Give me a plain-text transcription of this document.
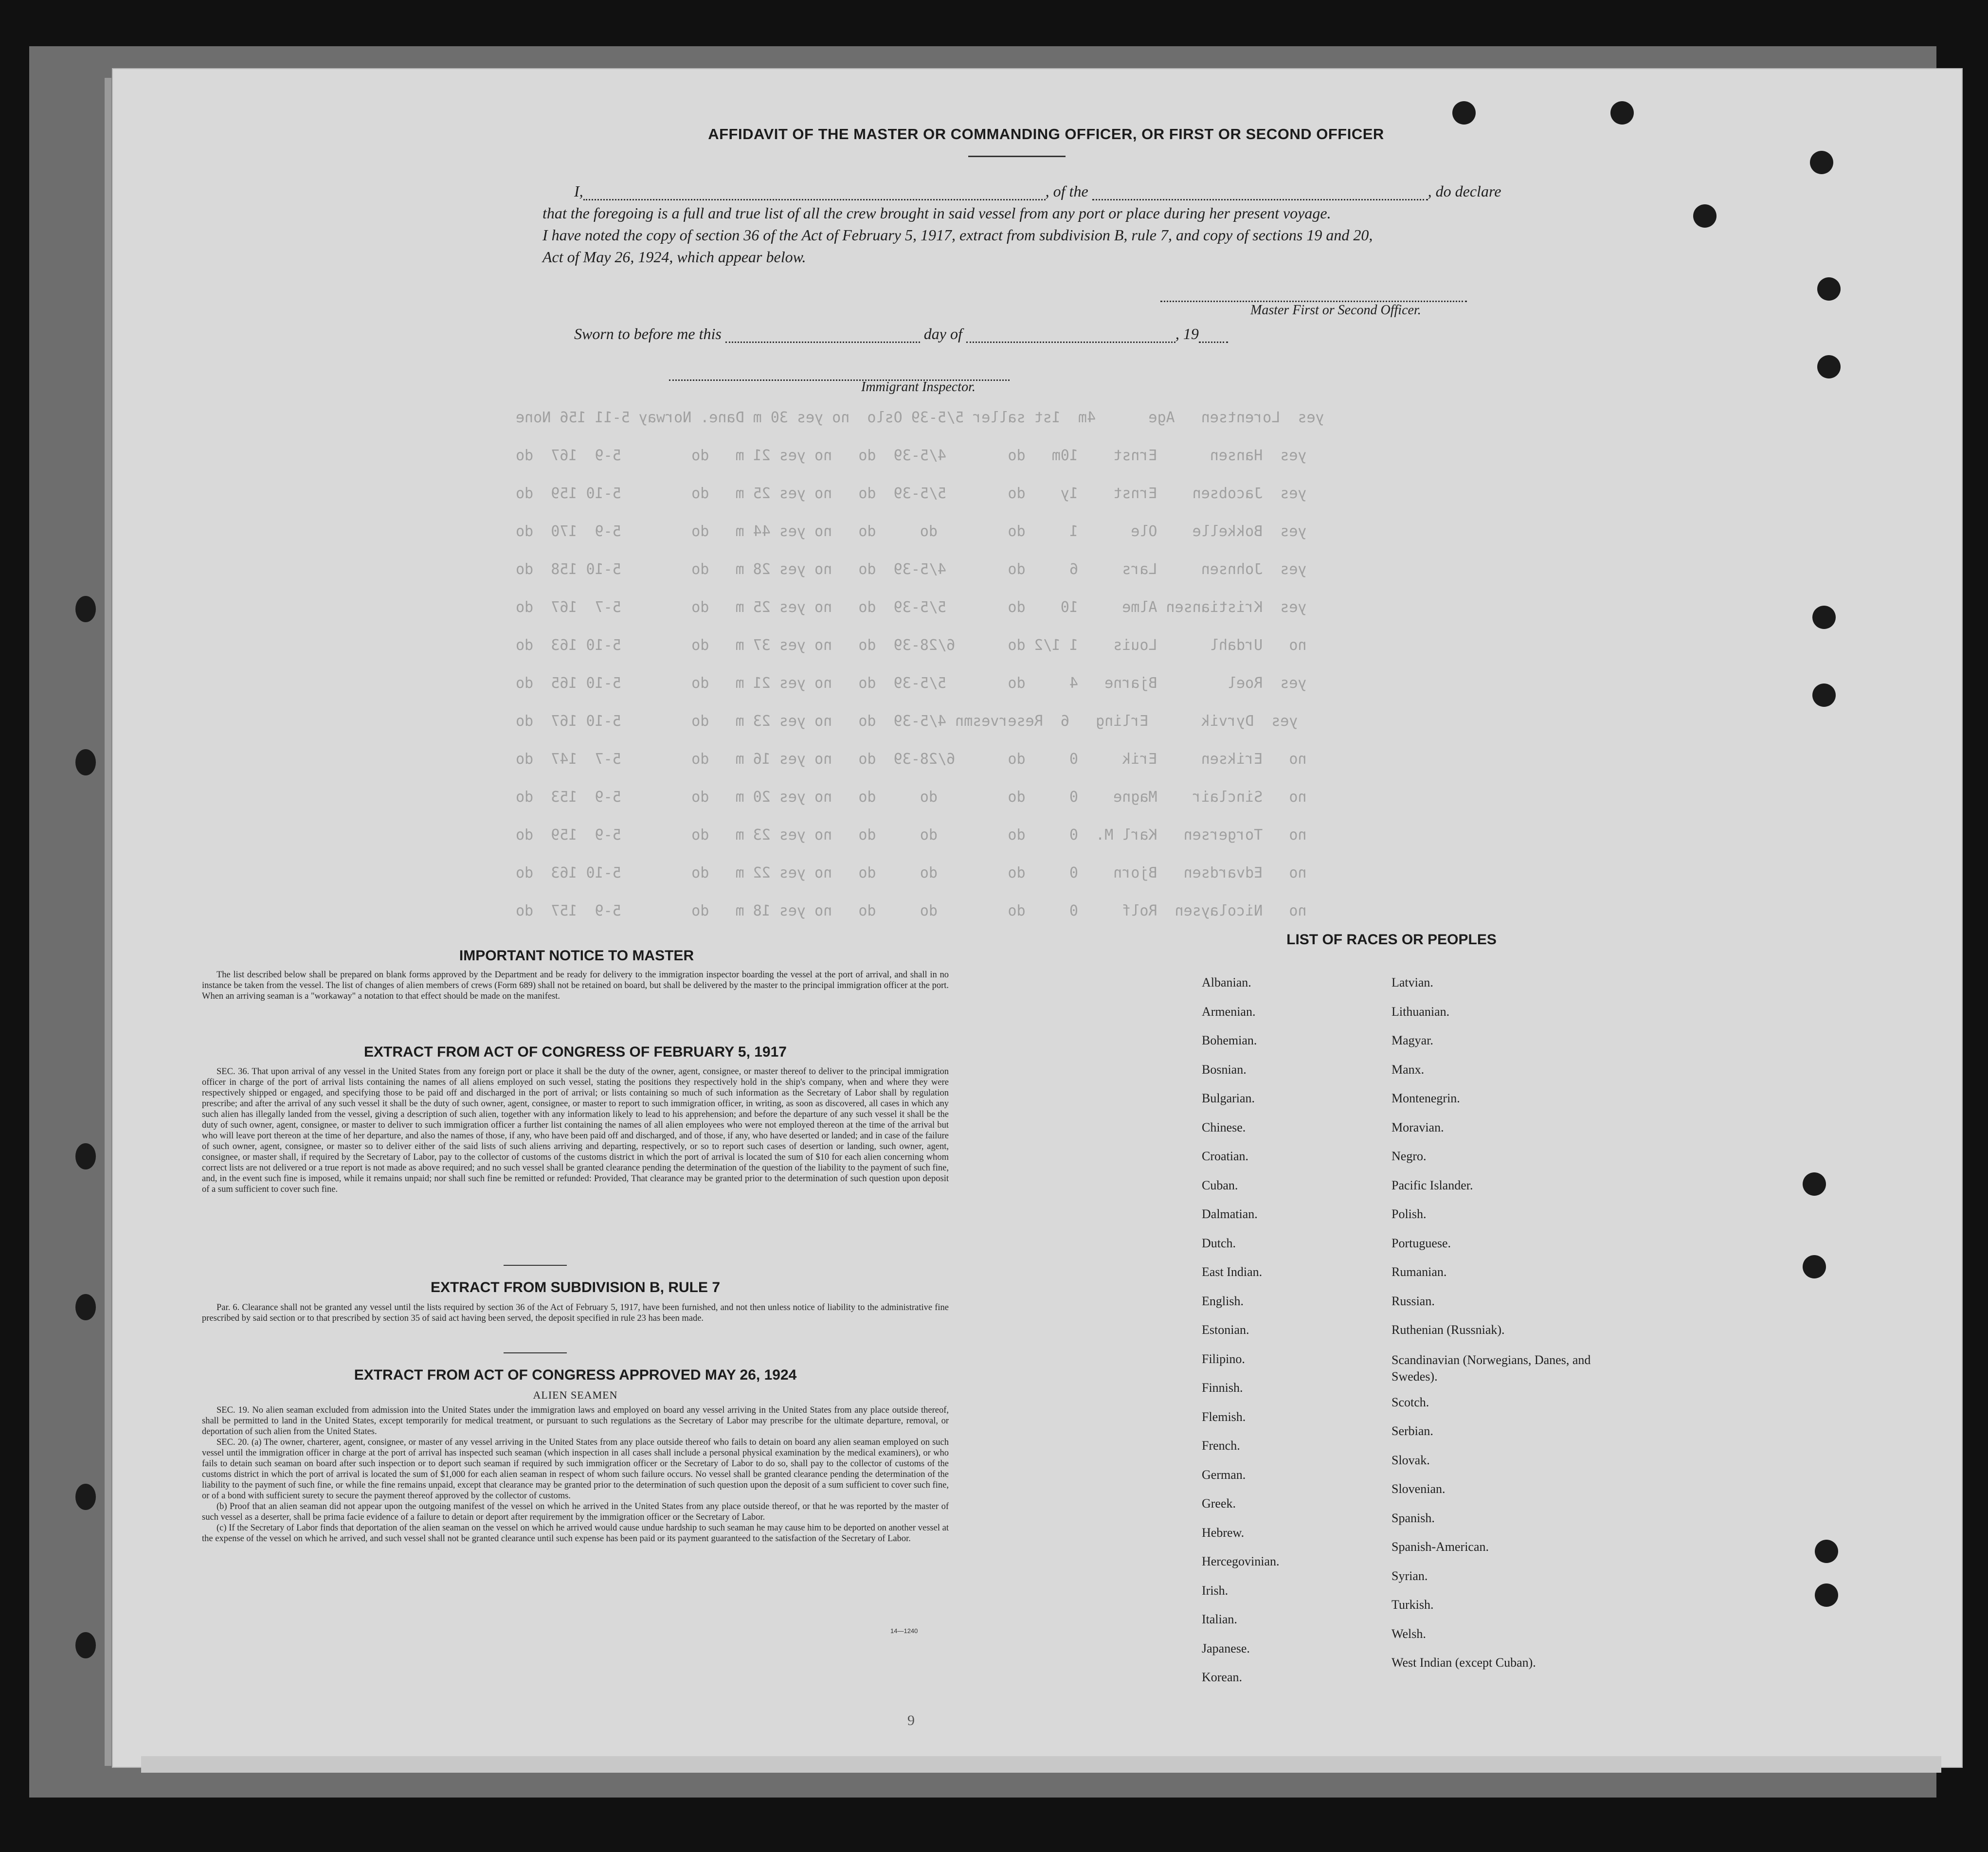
yes  Lorentsen   Age      4m  1st saller 5/5-39 Oslo  no yes 30 m Dane. Norway 5-11 156 None
yes  Hansen      Ernst    10m   do       4/5-39  do   no yes 21 m   do        5-9  167  do
yes  Jacobsen    Ernst    1y    do       5/5-39  do   no yes 25 m   do        5-10 159  do
yes  Bokkelle    Ole      1     do        do     do   no yes 44 m   do        5-9  170  do
yes  Johnsen     Lars     6     do       4/5-39  do   no yes 28 m   do        5-10 158  do
yes  Kristiansen Alme     10    do       5/5-39  do   no yes 25 m   do        5-7  167  do
no   Urdahl      Louis    1 1/2 do      6/28-39  do   no yes 37 m   do        5-10 163  do
yes  Roel        Bjarne   4     do       5/5-39  do   no yes 21 m   do        5-10 165  do
yes  Dyrvik      Erling   6  Reservesmn 4/5-39  do   no yes 23 m   do        5-10 167  do
no   Eriksen     Erik     0     do      6/28-39  do   no yes 16 m   do        5-7  147  do
no   Sinclair    Magne    0     do        do     do   no yes 20 m   do        5-9  153  do
no   Torgersen   Karl M.  0     do        do     do   no yes 23 m   do        5-9  159  do
no   Edvardsen   Bjorn    0     do        do     do   no yes 22 m   do        5-10 163  do
no   Nicolaysen  Rolf     0     do        do     do   no yes 18 m   do        5-9  157  do
AFFIDAVIT OF THE MASTER OR COMMANDING OFFICER, OR FIRST OR SECOND OFFICER
I,	, of the	, do declare
that the foregoing is a full and true list of all the crew brought in said vessel from any port or place during her present voyage.
I have noted the copy of section 36 of the Act of February 5, 1917, extract from subdivision B, rule 7, and copy of sections 19 and 20,
Act of May 26, 1924, which appear below.
Master First or Second Officer.
Sworn to before me this	day of	, 19
Immigrant Inspector.
IMPORTANT NOTICE TO MASTER

The list described below shall be prepared on blank forms approved by the Department and be ready for delivery to the immigration inspector boarding the vessel at the port of arrival, and shall in no instance be taken from the vessel. The list of changes of alien members of crews (Form 689) shall not be retained on board, but shall be delivered by the master to the principal immigration officer at the port. When an arriving seaman is a "workaway" a notation to that effect should be made on the manifest.

EXTRACT FROM ACT OF CONGRESS OF FEBRUARY 5, 1917

SEC. 36. That upon arrival of any vessel in the United States from any foreign port or place it shall be the duty of the owner, agent, consignee, or master thereof to deliver to the principal immigration officer in charge of the port of arrival lists containing the names of all aliens employed on such vessel, stating the positions they respectively hold in the ship's company, when and where they were respectively shipped or engaged, and specifying those to be paid off and discharged in the port of arrival; or lists containing so much of such information as the Secretary of Labor shall by regulation prescribe; and after the arrival of any such vessel it shall be the duty of such owner, agent, consignee, or master to report to such immigration officer, in writing, as soon as discovered, all cases in which any such alien has illegally landed from the vessel, giving a description of such alien, together with any information likely to lead to his apprehension; and before the departure of any such vessel it shall be the duty of such owner, agent, consignee, or master to deliver to such immigration officer a further list containing the names of all alien employees who were not employed thereon at the time of the arrival but who will leave port thereon at the time of her departure, and also the names of those, if any, who have been paid off and discharged, and of those, if any, who have deserted or landed; and in case of the failure of such owner, agent, consignee, or master so to deliver either of the said lists of such aliens arriving and departing, respectively, or so to report such cases of desertion or landing, such owner, agent, consignee, or master shall, if required by the Secretary of Labor, pay to the collector of customs of the customs district in which the port of arrival is located the sum of $10 for each alien concerning whom correct lists are not delivered or a true report is not made as above required; and no such vessel shall be granted clearance pending the determination of the question of the liability to the payment of such fine, and, in the event such fine is imposed, while it remains unpaid; nor shall such fine be remitted or refunded: Provided, That clearance may be granted prior to the determination of such question upon deposit of a sum sufficient to cover such fine.

EXTRACT FROM SUBDIVISION B, RULE 7

Par. 6. Clearance shall not be granted any vessel until the lists required by section 36 of the Act of February 5, 1917, have been furnished, and not then unless notice of liability to the administrative fine prescribed by said section or to that prescribed by section 35 of said act having been served, the deposit specified in rule 23 has been made.

EXTRACT FROM ACT OF CONGRESS APPROVED MAY 26, 1924
ALIEN SEAMEN

SEC. 19. No alien seaman excluded from admission into the United States under the immigration laws and employed on board any vessel arriving in the United States from any place outside thereof, shall be permitted to land in the United States, except temporarily for medical treatment, or pursuant to such regulations as the Secretary of Labor may prescribe for the ultimate departure, removal, or deportation of such alien from the United States.

SEC. 20. (a) The owner, charterer, agent, consignee, or master of any vessel arriving in the United States from any place outside thereof who fails to detain on board any alien seaman employed on such vessel until the immigration officer in charge at the port of arrival has inspected such seaman (which inspection in all cases shall include a personal physical examination by the medical examiners), or who fails to detain such seaman on board after such inspection or to deport such seaman if required by such immigration officer or the Secretary of Labor to do so, shall pay to the collector of customs of the customs district in which the port of arrival is located the sum of $1,000 for each alien seaman in respect of whom such failure occurs. No vessel shall be granted clearance pending the determination of the liability to the payment of such fine, or while the fine remains unpaid, except that clearance may be granted prior to the determination of such question upon the deposit of a sum sufficient to cover such fine, or of a bond with sufficient surety to secure the payment thereof approved by the collector of customs.

(b) Proof that an alien seaman did not appear upon the outgoing manifest of the vessel on which he arrived in the United States from any place outside thereof, or that he was reported by the master of such vessel as a deserter, shall be prima facie evidence of a failure to detain or deport after requirement by the immigration officer or the Secretary of Labor.

(c) If the Secretary of Labor finds that deportation of the alien seaman on the vessel on which he arrived would cause undue hardship to such seaman he may cause him to be deported on another vessel at the expense of the vessel on which he arrived, and such vessel shall not be granted clearance until such expense has been paid or its payment guaranteed to the satisfaction of the Secretary of Labor.

14—1240
LIST OF RACES OR PEOPLES
Albanian.
Armenian.
Bohemian.
Bosnian.
Bulgarian.
Chinese.
Croatian.
Cuban.
Dalmatian.
Dutch.
East Indian.
English.
Estonian.
Filipino.
Finnish.
Flemish.
French.
German.
Greek.
Hebrew.
Hercegovinian.
Irish.
Italian.
Japanese.
Korean.
Latvian.
Lithuanian.
Magyar.
Manx.
Montenegrin.
Moravian.
Negro.
Pacific Islander.
Polish.
Portuguese.
Rumanian.
Russian.
Ruthenian (Russniak).
Scandinavian (Norwegians, Danes, and Swedes).
Scotch.
Serbian.
Slovak.
Slovenian.
Spanish.
Spanish-American.
Syrian.
Turkish.
Welsh.
West Indian (except Cuban).
9
